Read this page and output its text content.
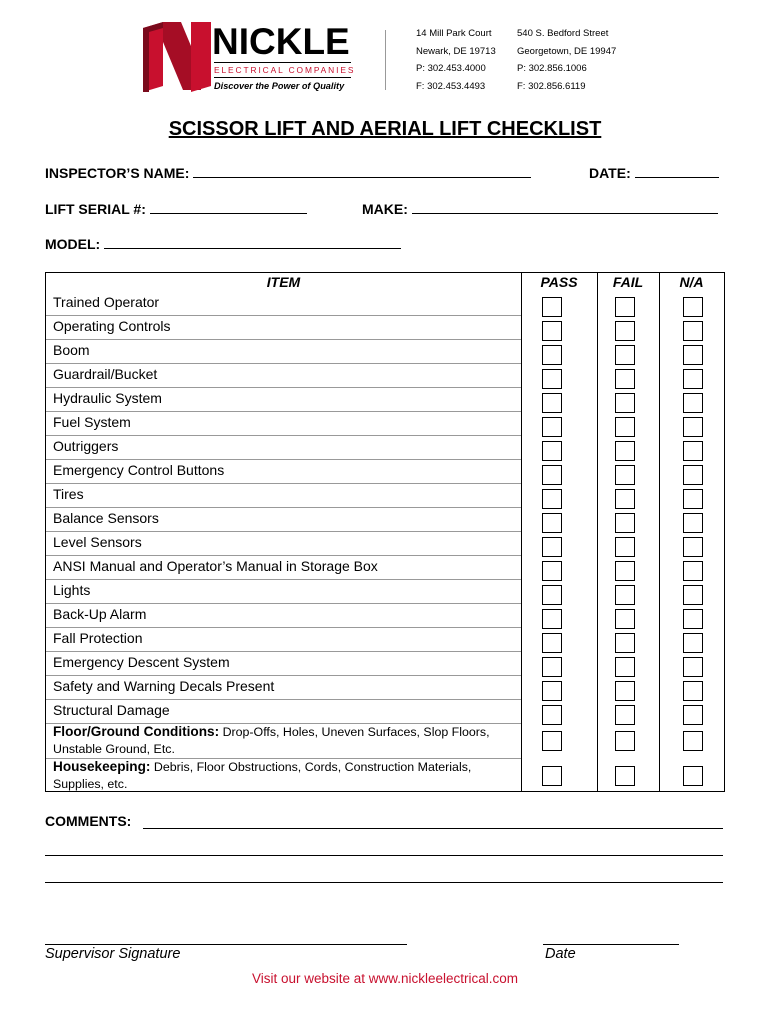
NICKLE
ELECTRICAL COMPANIES
Discover the Power of Quality
14 Mill Park Court
Newark, DE 19713
P: 302.453.4000
F: 302.453.4493
540 S. Bedford Street
Georgetown, DE 19947
P: 302.856.1006
F: 302.856.6119
SCISSOR LIFT AND AERIAL LIFT CHECKLIST
INSPECTOR’S NAME:	DATE:
LIFT SERIAL #:	MAKE:
MODEL:
ITEM	PASS	FAIL	N/A
Trained Operator
Operating Controls
Boom
Guardrail/Bucket
Hydraulic System
Fuel System
Outriggers
Emergency Control Buttons
Tires
Balance Sensors
Level Sensors
ANSI Manual and Operator’s Manual in Storage Box
Lights
Back-Up Alarm
Fall Protection
Emergency Descent System
Safety and Warning Decals Present
Structural Damage
Floor/Ground Conditions: Drop-Offs, Holes, Uneven Surfaces, Slop Floors, Unstable Ground, Etc.
Housekeeping: Debris, Floor Obstructions, Cords, Construction Materials, Supplies, etc.
COMMENTS:
Supervisor Signature	Date
Visit our website at www.nickleelectrical.com
